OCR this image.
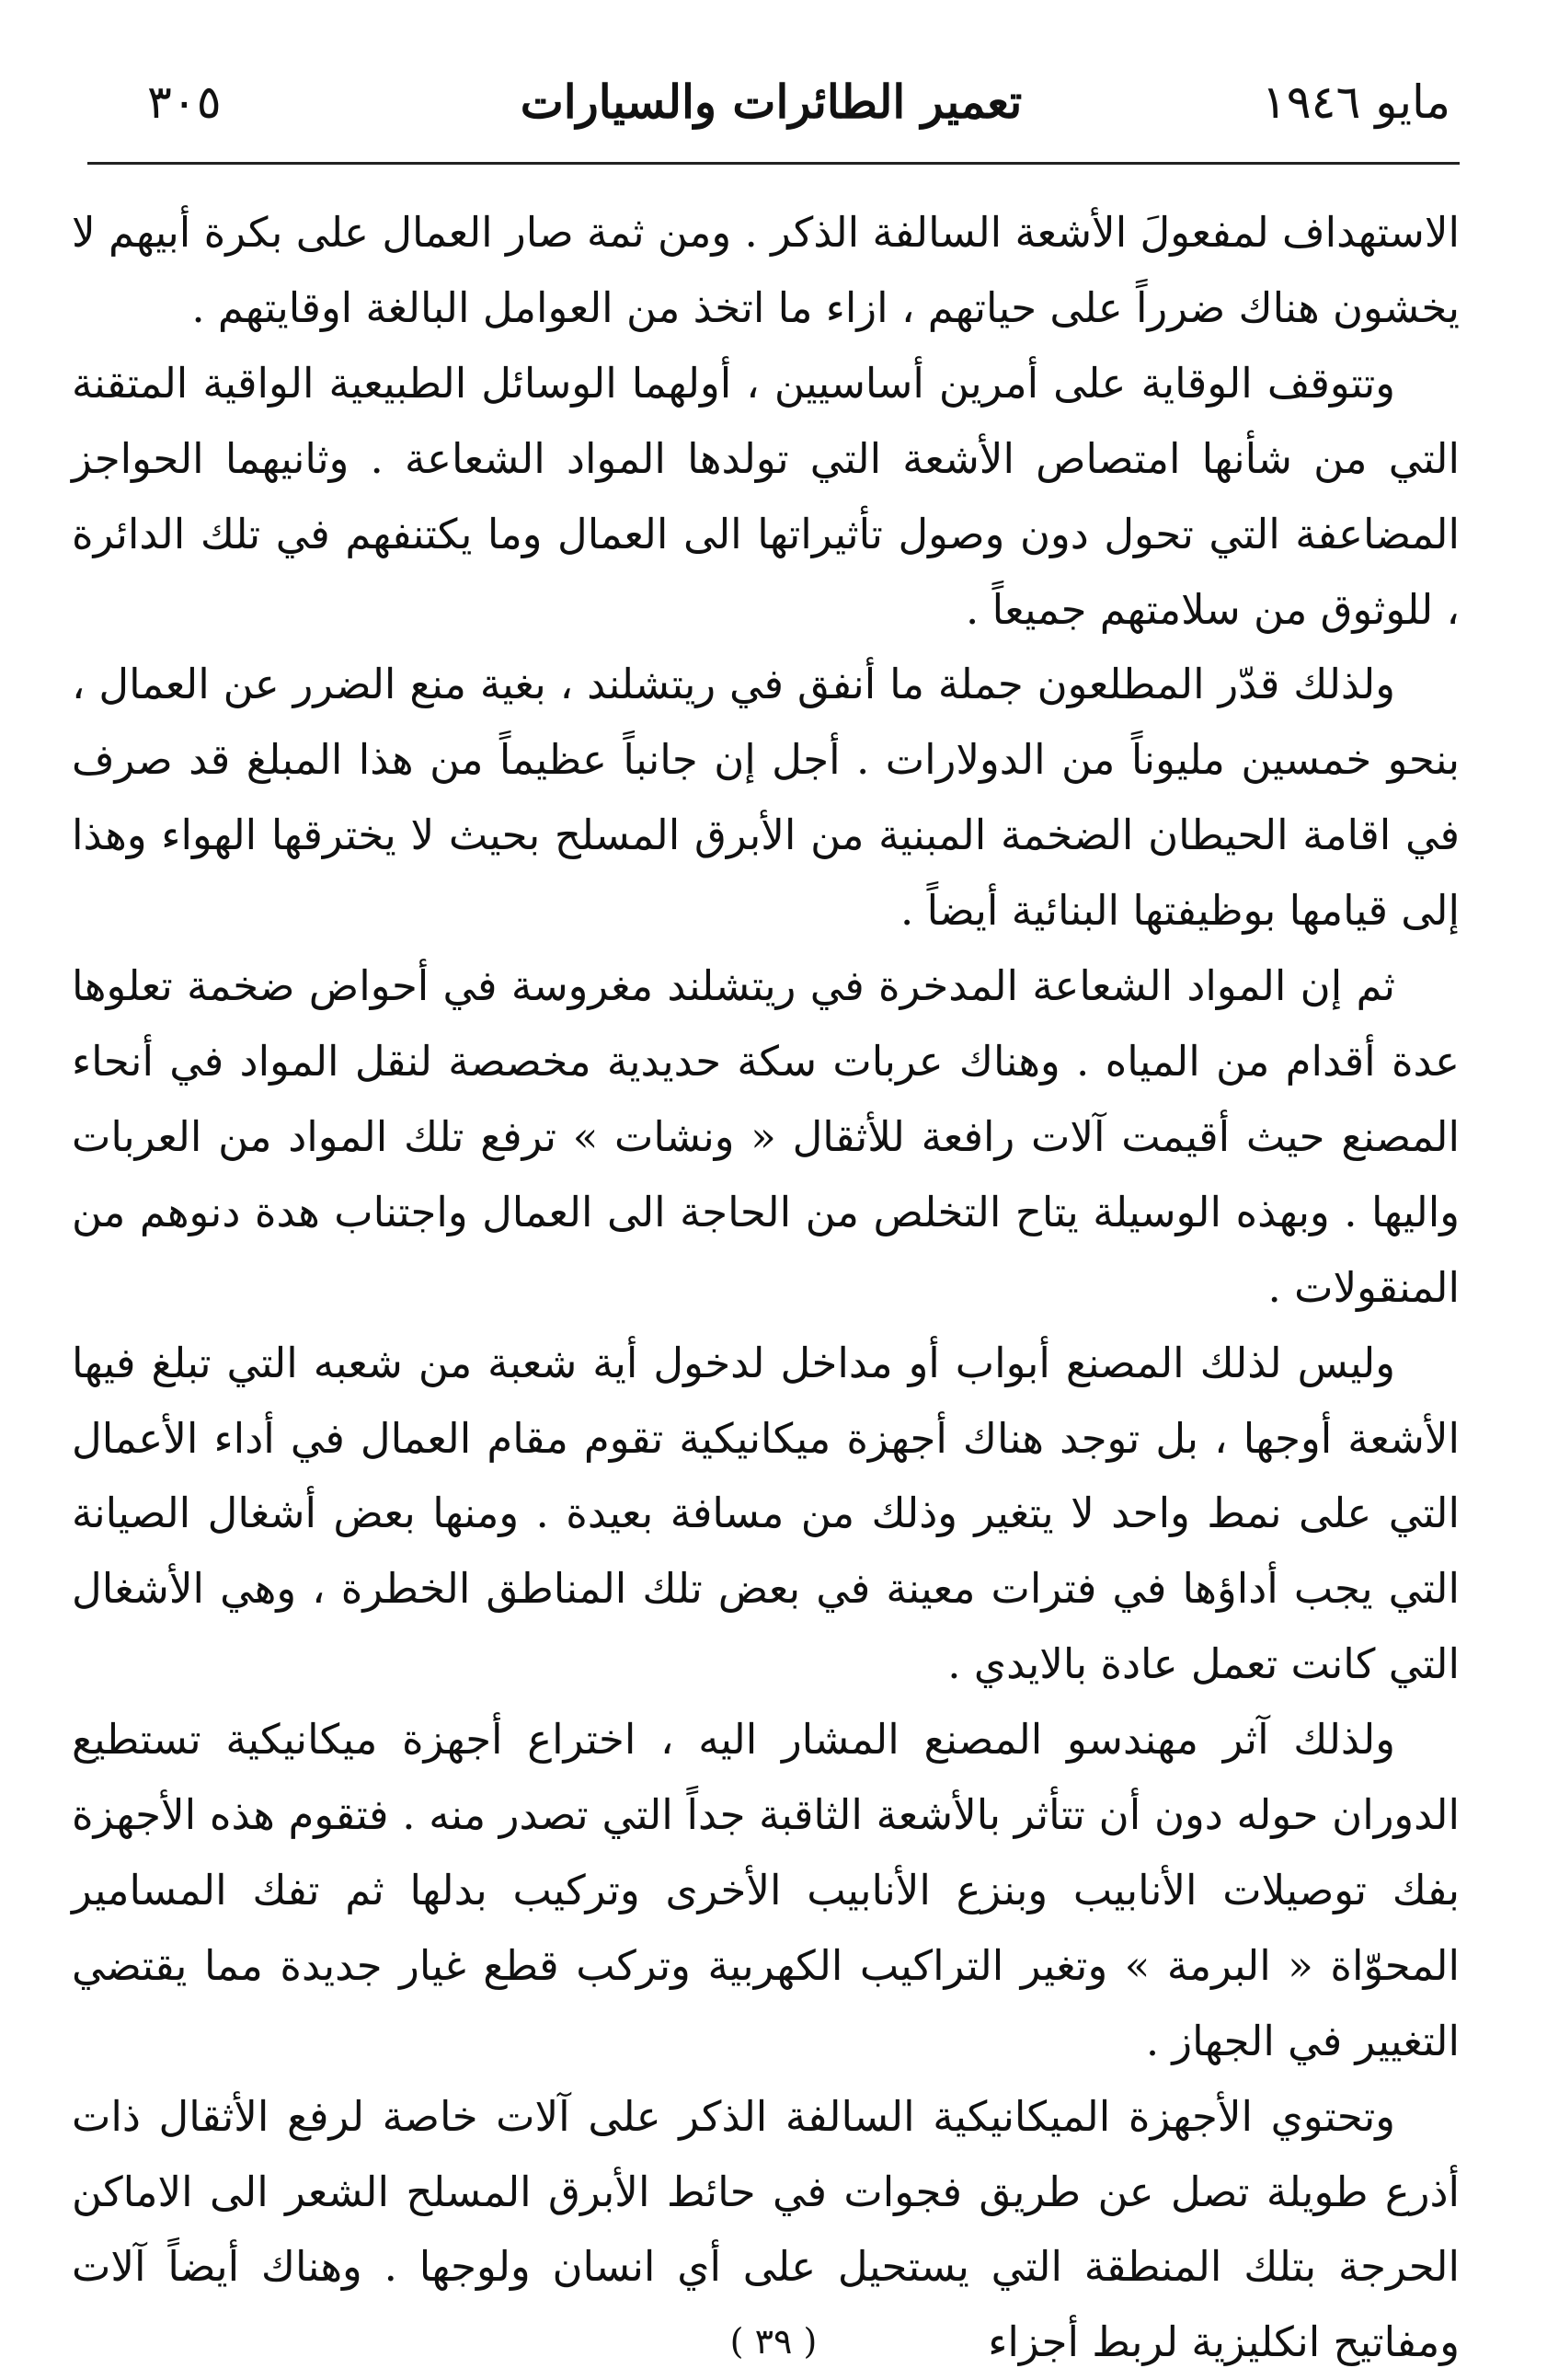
مايو ١٩٤٦
تعمير الطائرات والسيارات
٣٠٥

الاستهداف لمفعولَ الأشعة السالفة الذكر . ومن ثمة صار العمال على بكرة أبيهم لا يخشون هناك ضرراً على حياتهم ، ازاء ما اتخذ من العوامل البالغة اوقايتهم .

وتتوقف الوقاية على أمرين أساسيين ، أولهما الوسائل الطبيعية الواقية المتقنة التي من شأنها امتصاص الأشعة التي تولدها المواد الشعاعة . وثانيهما الحواجز المضاعفة التي تحول دون وصول تأثيراتها الى العمال وما يكتنفهم في تلك الدائرة ، للوثوق من سلامتهم جميعاً .

ولذلك قدّر المطلعون جملة ما أنفق في ريتشلند ، بغية منع الضرر عن العمال ، بنحو خمسين مليوناً من الدولارات . أجل إن جانباً عظيماً من هذا المبلغ قد صرف في اقامة الحيطان الضخمة المبنية من الأبرق المسلح بحيث لا يخترقها الهواء وهذا إلى قيامها بوظيفتها البنائية أيضاً .

ثم إن المواد الشعاعة المدخرة في ريتشلند مغروسة في أحواض ضخمة تعلوها عدة أقدام من المياه . وهناك عربات سكة حديدية مخصصة لنقل المواد في أنحاء المصنع حيث أقيمت آلات رافعة للأثقال « ونشات » ترفع تلك المواد من العربات واليها . وبهذه الوسيلة يتاح التخلص من الحاجة الى العمال واجتناب هدة دنوهم من المنقولات .

وليس لذلك المصنع أبواب أو مداخل لدخول أية شعبة من شعبه التي تبلغ فيها الأشعة أوجها ، بل توجد هناك أجهزة ميكانيكية تقوم مقام العمال في أداء الأعمال التي على نمط واحد لا يتغير وذلك من مسافة بعيدة . ومنها بعض أشغال الصيانة التي يجب أداؤها في فترات معينة في بعض تلك المناطق الخطرة ، وهي الأشغال التي كانت تعمل عادة بالايدي .

ولذلك آثر مهندسو المصنع المشار اليه ، اختراع أجهزة ميكانيكية تستطيع الدوران حوله دون أن تتأثر بالأشعة الثاقبة جداً التي تصدر منه . فتقوم هذه الأجهزة بفك توصيلات الأنابيب وبنزع الأنابيب الأخرى وتركيب بدلها ثم تفك المسامير المحوّاة « البرمة » وتغير التراكيب الكهربية وتركب قطع غيار جديدة مما يقتضي التغيير في الجهاز .

وتحتوي الأجهزة الميكانيكية السالفة الذكر على آلات خاصة لرفع الأثقال ذات أذرع طويلة تصل عن طريق فجوات في حائط الأبرق المسلح الشعر الى الاماكن الحرجة بتلك المنطقة التي يستحيل على أي انسان ولوجها . وهناك أيضاً آلات ومفاتيح انكليزية لربط أجزاء

( ٣٩ )
